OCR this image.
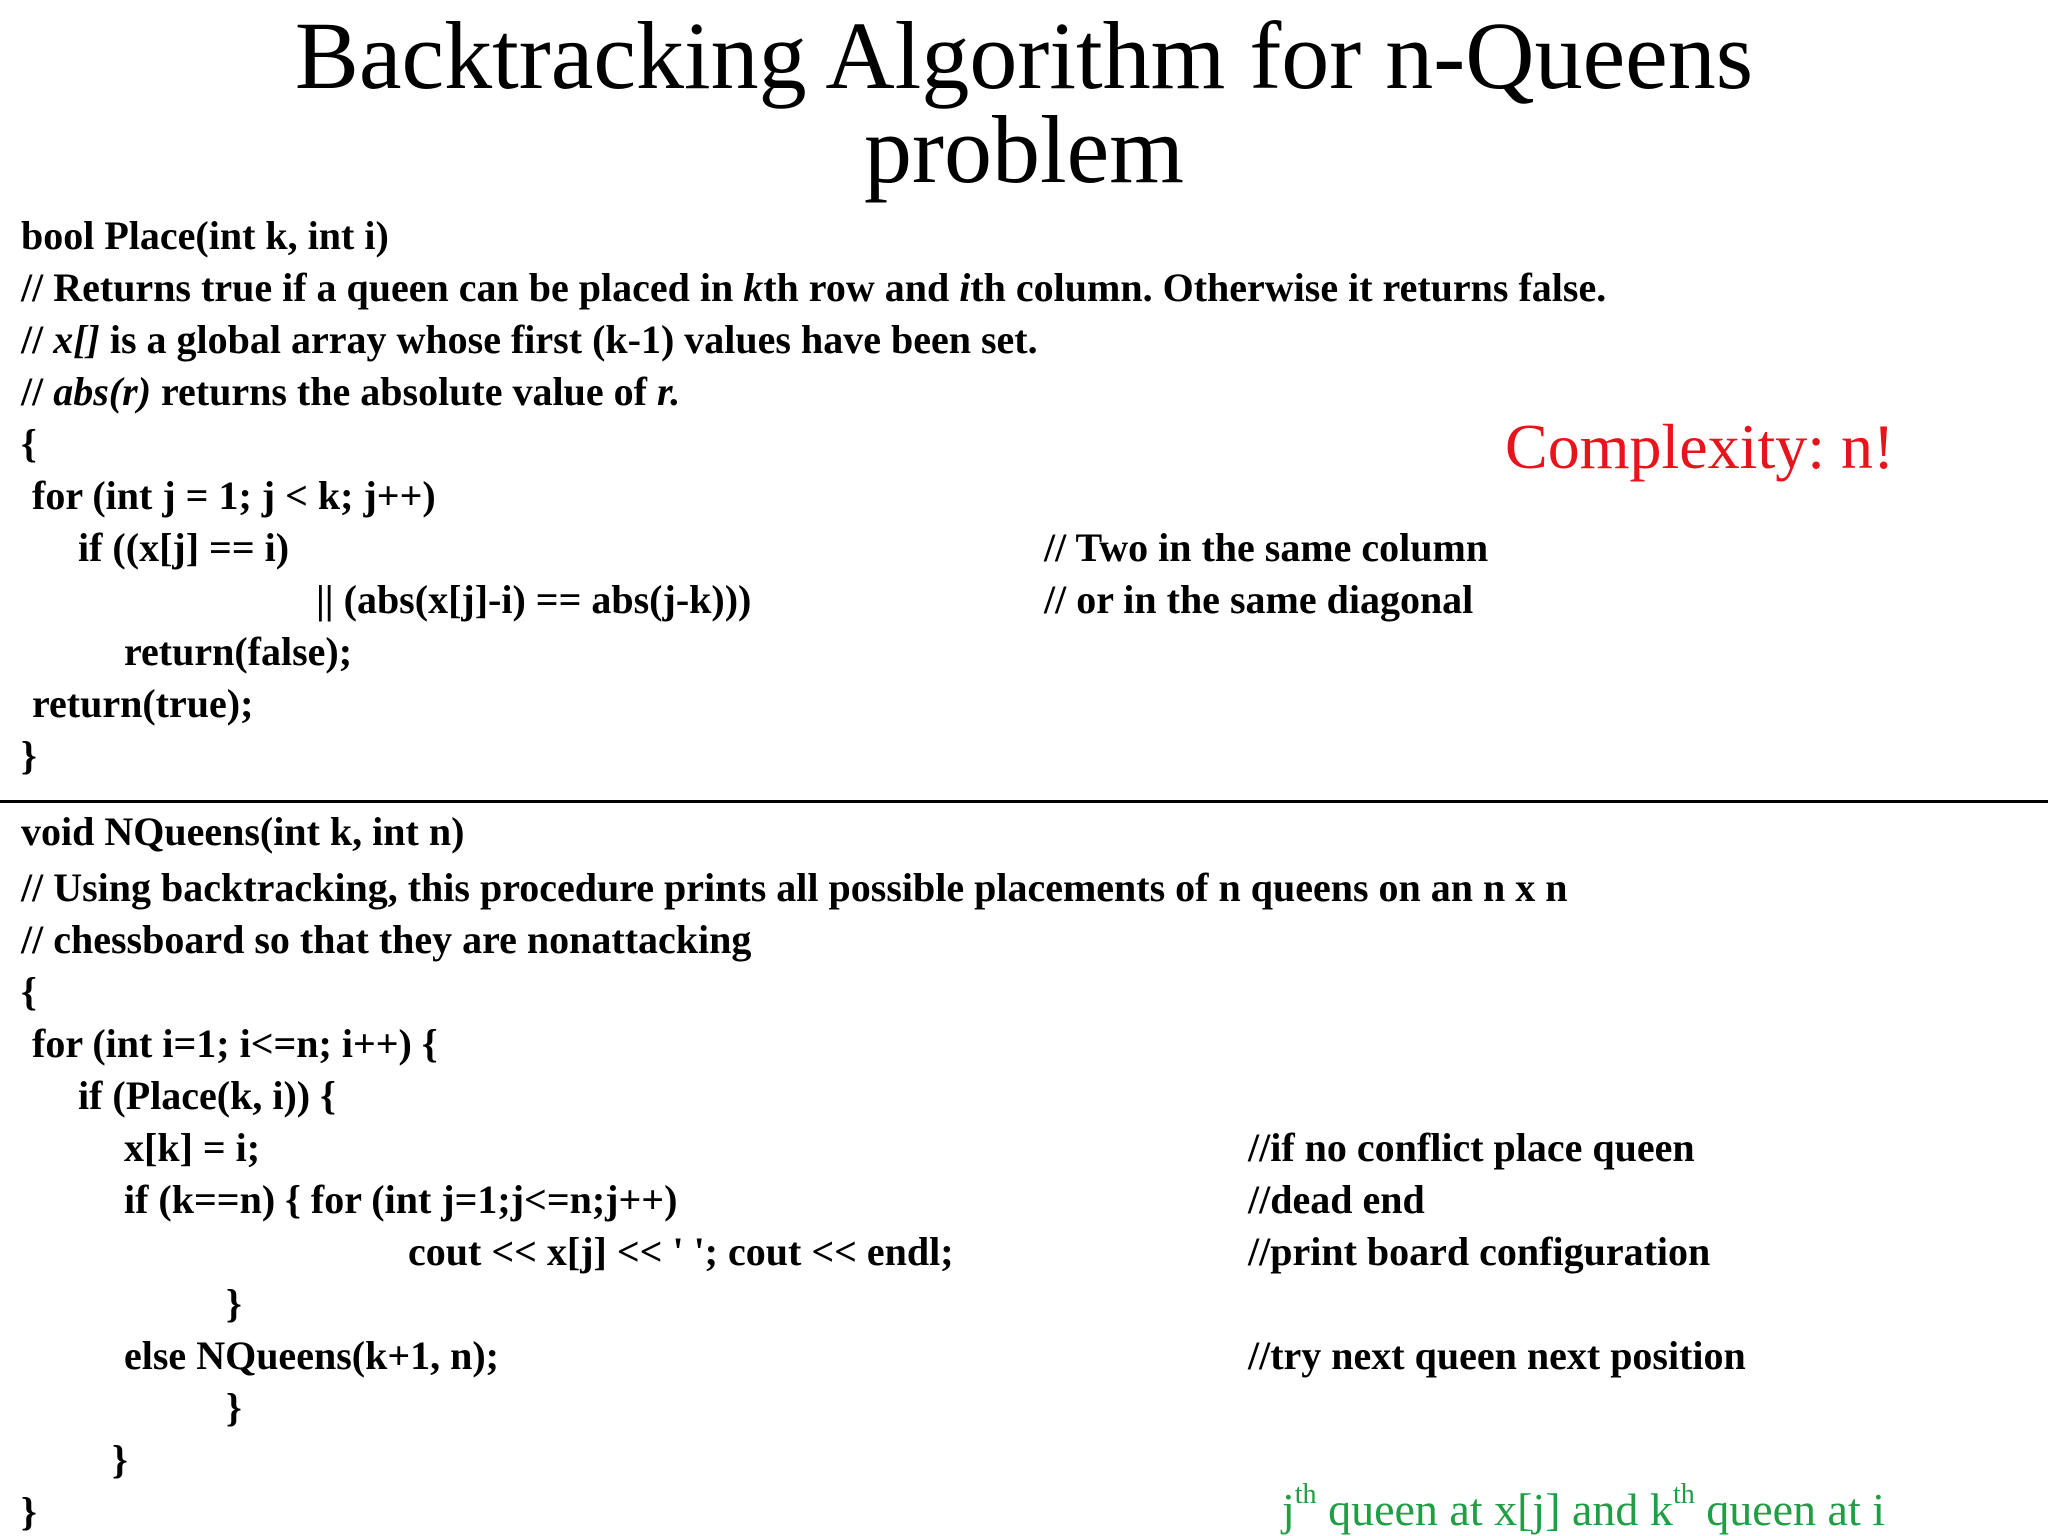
Backtracking Algorithm for n-Queens
problem
bool Place(int k, int i)
// Returns true if a queen can be placed in kth row and ith column. Otherwise it returns false.
// x[] is a global array whose first (k-1) values have been set.
// abs(r) returns the absolute value of r.
{
for (int j = 1; j < k; j++)
if ((x[j] == i)
|| (abs(x[j]-i) == abs(j-k)))
return(false);
return(true);
}
// Two in the same column
// or in the same diagonal
Complexity: n!
void NQueens(int k, int n)
// Using backtracking, this procedure prints all possible placements of n queens on an n x n
// chessboard so that they are nonattacking
{
for (int i=1; i<=n; i++) {
if (Place(k, i)) {
x[k] = i;
if (k==n) { for (int j=1;j<=n;j++)
cout << x[j] << ' '; cout << endl;
}
else NQueens(k+1, n);
}
}
}
//if no conflict place queen
//dead end
//print board configuration
//try next queen next position
$j^{th}$ queen at x[j] and $k^{th}$ queen at i
